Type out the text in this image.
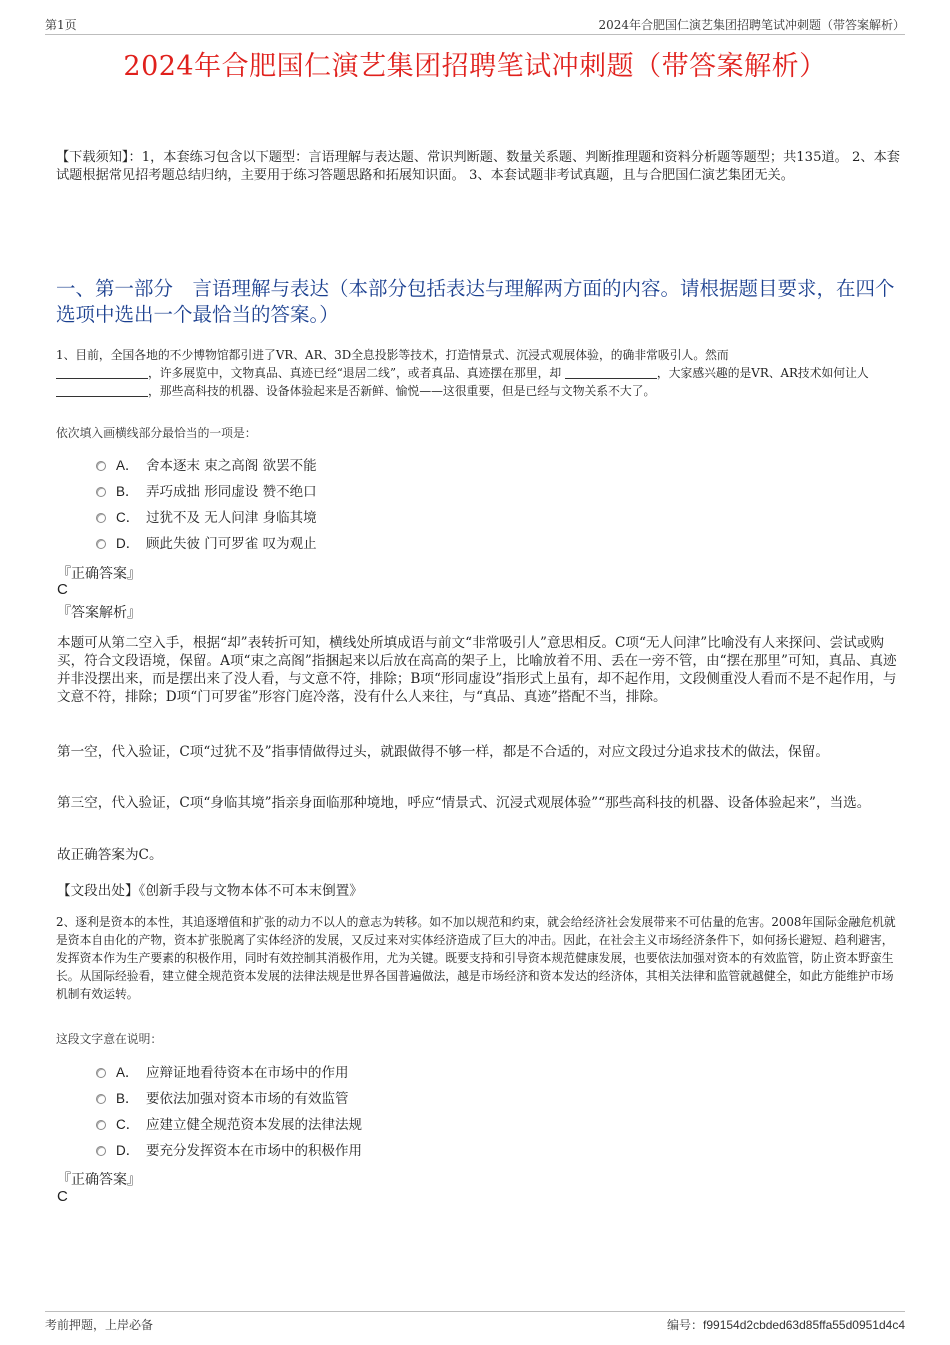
第1页	2024年合肥国仁演艺集团招聘笔试冲刺题（带答案解析）
2024年合肥国仁演艺集团招聘笔试冲刺题（带答案解析）
【下载须知】：1，本套练习包含以下题型：言语理解与表达题、常识判断题、数量关系题、判断推理题和资料分析题等题型；共135道。 2、本套试题根据常见招考题总结归纳，主要用于练习答题思路和拓展知识面。 3、本套试题非考试真题，且与合肥国仁演艺集团无关。
一、第一部分　言语理解与表达（本部分包括表达与理解两方面的内容。请根据题目要求，在四个选项中选出一个最恰当的答案。）
1、目前，全国各地的不少博物馆都引进了VR、AR、3D全息投影等技术，打造情景式、沉浸式观展体验，的确非常吸引人。然而
，许多展览中，文物真品、真迹已经“退居二线”，或者真品、真迹摆在那里，却	，大家感兴趣的是VR、AR技术如何让人 ，那些高科技的机器、设备体验起来是否新鲜、愉悦——这很重要，但是已经与文物关系不大了。
依次填入画横线部分最恰当的一项是：
A． 舍本逐末 束之高阁 欲罢不能
B． 弄巧成拙 形同虚设 赞不绝口
C． 过犹不及 无人问津 身临其境
D． 顾此失彼 门可罗雀 叹为观止
『正确答案』
C
『答案解析』
本题可从第二空入手，根据“却”表转折可知，横线处所填成语与前文“非常吸引人”意思相反。C项“无人问津”比喻没有人来探问、尝试或购买，符合文段语境，保留。A项“束之高阁”指捆起来以后放在高高的架子上，比喻放着不用、丢在一旁不管，由“摆在那里”可知，真品、真迹并非没摆出来，而是摆出来了没人看，与文意不符，排除；B项“形同虚设”指形式上虽有，却不起作用，文段侧重没人看而不是不起作用，与文意不符，排除；D项“门可罗雀”形容门庭冷落，没有什么人来往，与“真品、真迹”搭配不当，排除。
第一空，代入验证，C项“过犹不及”指事情做得过头，就跟做得不够一样，都是不合适的，对应文段过分追求技术的做法，保留。
第三空，代入验证，C项“身临其境”指亲身面临那种境地，呼应“情景式、沉浸式观展体验”“那些高科技的机器、设备体验起来”，当选。
故正确答案为C。
【文段出处】《创新手段与文物本体不可本末倒置》
2、逐利是资本的本性，其追逐增值和扩张的动力不以人的意志为转移。如不加以规范和约束，就会给经济社会发展带来不可估量的危害。2008年国际金融危机就是资本自由化的产物，资本扩张脱离了实体经济的发展，又反过来对实体经济造成了巨大的冲击。因此，在社会主义市场经济条件下，如何扬长避短、趋利避害，发挥资本作为生产要素的积极作用，同时有效控制其消极作用，尤为关键。既要支持和引导资本规范健康发展，也要依法加强对资本的有效监管，防止资本野蛮生长。从国际经验看，建立健全规范资本发展的法律法规是世界各国普遍做法，越是市场经济和资本发达的经济体，其相关法律和监管就越健全，如此方能维护市场机制有效运转。
这段文字意在说明：
A． 应辩证地看待资本在市场中的作用
B． 要依法加强对资本市场的有效监管
C． 应建立健全规范资本发展的法律法规
D． 要充分发挥资本在市场中的积极作用
『正确答案』
C
考前押题，上岸必备	编号：f99154d2cbded63d85ffa55d0951d4c4
